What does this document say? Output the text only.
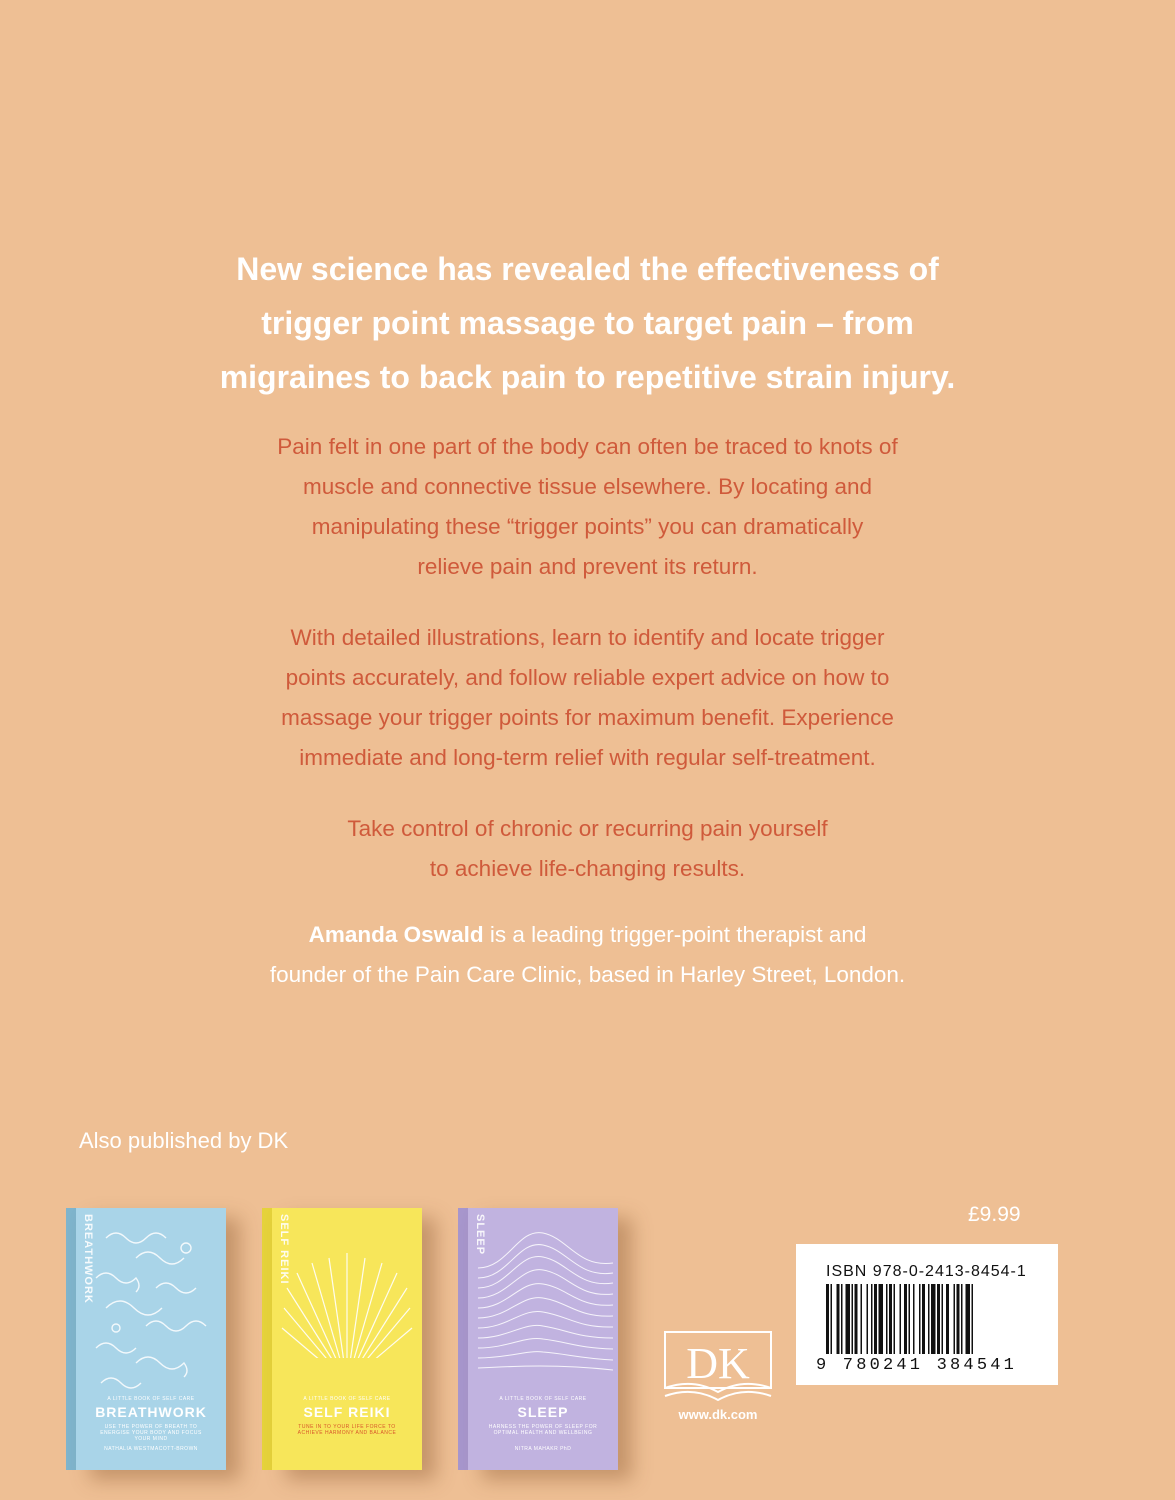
New science has revealed the effectiveness of
trigger point massage to target pain – from
migraines to back pain to repetitive strain injury.
Pain felt in one part of the body can often be traced to knots of
muscle and connective tissue elsewhere. By locating and
manipulating these “trigger points” you can dramatically
relieve pain and prevent its return.
With detailed illustrations, learn to identify and locate trigger
points accurately, and follow reliable expert advice on how to
massage your trigger points for maximum benefit. Experience
immediate and long-term relief with regular self-treatment.
Take control of chronic or recurring pain yourself
to achieve life-changing results.
Amanda Oswald is a leading trigger-point therapist and
founder of the Pain Care Clinic, based in Harley Street, London.
Also published by DK
BREATHWORK
A LITTLE BOOK OF SELF CARE
BREATHWORK
USE THE POWER OF BREATH TO ENERGISE YOUR BODY AND FOCUS YOUR MIND
NATHALIA WESTMACOTT-BROWN
SELF REIKI
A LITTLE BOOK OF SELF CARE
SELF REIKI
TUNE IN TO YOUR LIFE FORCE TO ACHIEVE HARMONY AND BALANCE
SLEEP
A LITTLE BOOK OF SELF CARE
SLEEP
HARNESS THE POWER OF SLEEP FOR OPTIMAL HEALTH AND WELLBEING
NITRA MAHAKR PhD
DK
www.dk.com
£9.99
ISBN 978-0-2413-8454-1
9 780241 384541
